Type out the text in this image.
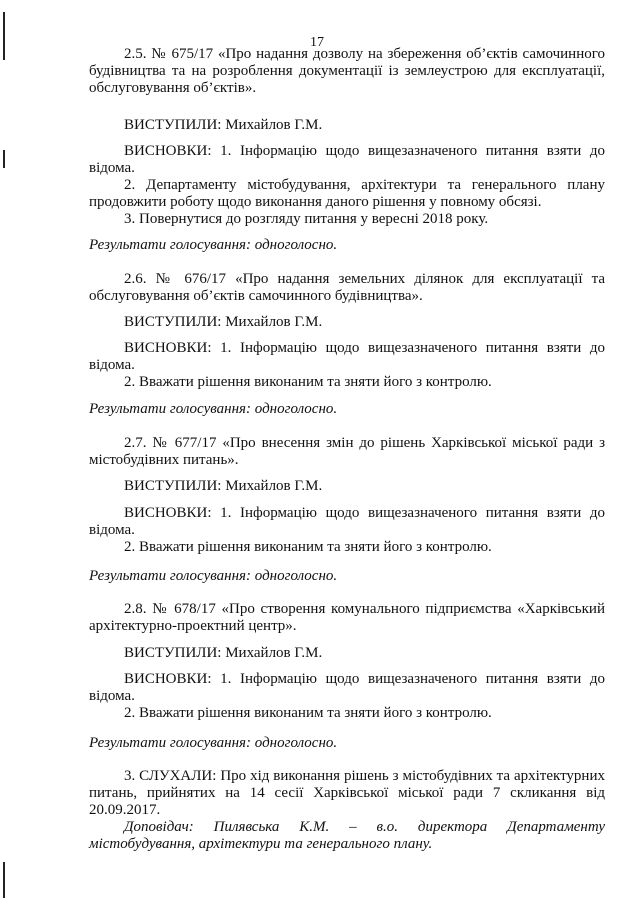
17

2.5. № 675/17 «Про надання дозволу на збереження об’єктів самочинного будівництва та на розроблення документації із землеустрою для експлуатації, обслуговування об’єктів».

ВИСТУПИЛИ: Михайлов Г.М.

ВИСНОВКИ: 1. Інформацію щодо вищезазначеного питання взяти до відома.

2. Департаменту містобудування, архітектури та генерального плану продовжити роботу щодо виконання даного рішення у повному обсязі.

3. Повернутися до розгляду питання у вересні 2018 року.

Результати голосування: одноголосно.

2.6. № 676/17 «Про надання земельних ділянок для експлуатації та обслуговування об’єктів самочинного будівництва».

ВИСТУПИЛИ: Михайлов Г.М.

ВИСНОВКИ: 1. Інформацію щодо вищезазначеного питання взяти до відома.

2. Вважати рішення виконаним та зняти його з контролю.

Результати голосування: одноголосно.

2.7. № 677/17 «Про внесення змін до рішень Харківської міської ради з містобудівних питань».

ВИСТУПИЛИ: Михайлов Г.М.

ВИСНОВКИ: 1. Інформацію щодо вищезазначеного питання взяти до відома.

2. Вважати рішення виконаним та зняти його з контролю.

Результати голосування: одноголосно.

2.8. № 678/17 «Про створення комунального підприємства «Харківський архітектурно-проектний центр».

ВИСТУПИЛИ: Михайлов Г.М.

ВИСНОВКИ: 1. Інформацію щодо вищезазначеного питання взяти до відома.

2. Вважати рішення виконаним та зняти його з контролю.

Результати голосування: одноголосно.

3. СЛУХАЛИ: Про хід виконання рішень з містобудівних та архітектурних питань, прийнятих на 14 сесії Харківської міської ради 7 скликання від 20.09.2017.

Доповідач: Пилявська К.М. – в.о. директора Департаменту містобудування, архітектури та генерального плану.
